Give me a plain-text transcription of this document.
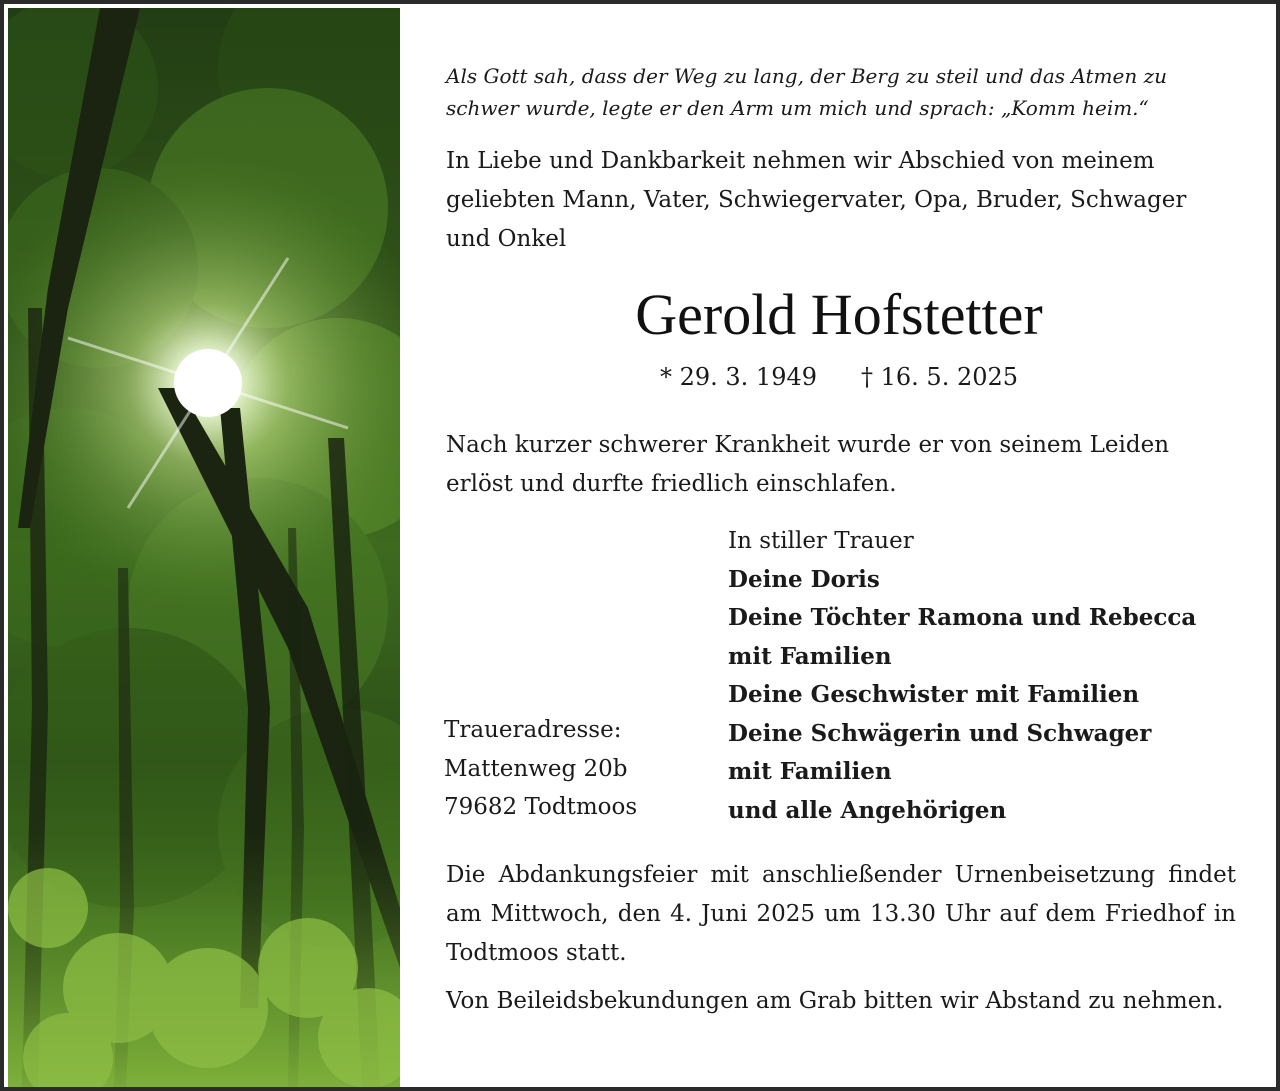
Als Gott sah, dass der Weg zu lang, der Berg zu steil und das Atmen zu schwer wurde, legte er den Arm um mich und sprach: „Komm heim.“

In Liebe und Dankbarkeit nehmen wir Abschied von meinem geliebten Mann, Vater, Schwiegervater, Opa, Bruder, Schwager und Onkel

Gerold Hofstetter

* 29. 3. 1949 † 16. 5. 2025

Nach kurzer schwerer Krankheit wurde er von seinem Leiden erlöst und durfte friedlich einschlafen.

In stiller Trauer
Deine Doris
Deine Töchter Ramona und Rebecca
mit Familien
Deine Geschwister mit Familien
Deine Schwägerin und Schwager
mit Familien
und alle Angehörigen
Traueradresse:
Mattenweg 20b
79682 Todtmoos

Die Abdankungsfeier mit anschließender Urnenbeisetzung findet am Mittwoch, den 4. Juni 2025 um 13.30 Uhr auf dem Friedhof in Todtmoos statt.

Von Beileidsbekundungen am Grab bitten wir Abstand zu nehmen.
